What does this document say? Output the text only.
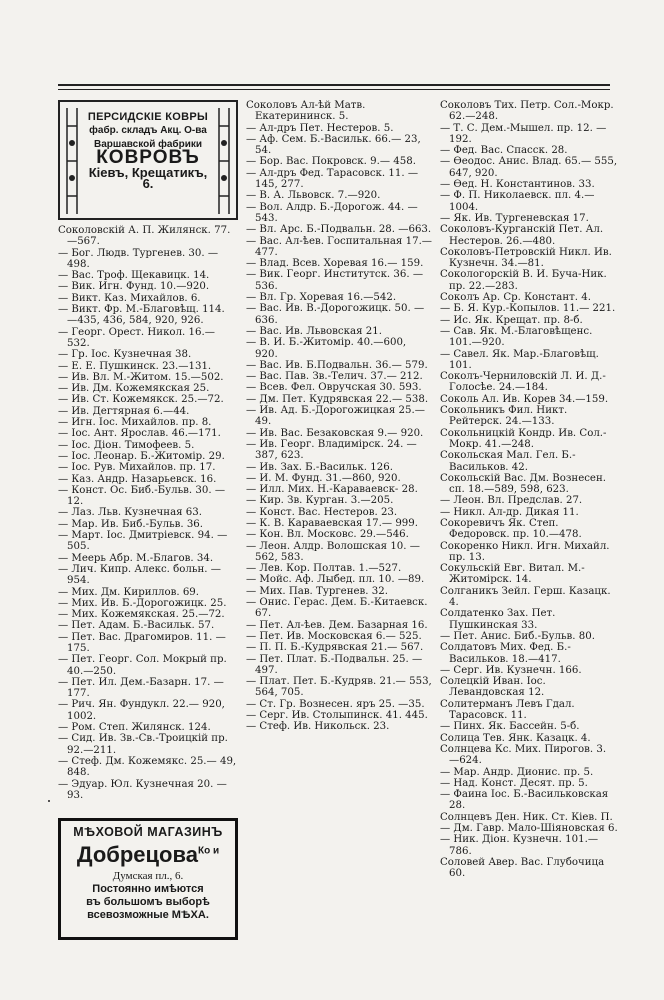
ПЕРСИДСКIЕ КОВРЫ
фабр. складъ Акц. О-ва
Варшавской фабрики
КОВРОВЪ
Кiевъ, Крещатикъ, 6.
Соколовскiй А. П. Жилянск. 77. —567.
— Бог. Людв. Тургенев. 30. —498.
— Вас. Троф. Щекавицк. 14.
— Вик. Игн. Фунд. 10.—920.
— Викт. Каз. Михайлов. 6.
— Викт. Фр. М.-Благовѣщ. 114. —435, 436, 584, 920, 926.
— Георг. Орест. Никол. 16.— 532.
— Гр. Iос. Кузнечная 38.
— Е. Е. Пушкинск. 23.—131.
— Ив. Вл. М.-Житом. 15.—502.
— Ив. Дм. Кожемякская 25.
— Ив. Ст. Кожемякск. 25.—72.
— Ив. Дегтярная 6.—44.
— Игн. Iос. Михайлов. пр. 8.
— Iос. Ант. Ярослав. 46.—171.
— Iос. Дiон. Тимофеев. 5.
— Iос. Леонар. Б.-Житомiр. 29.
— Iос. Рув. Михайлов. пр. 17.
— Каз. Андр. Назарьевск. 16.
— Конст. Ос. Биб.-Бульв. 30. —12.
— Лаз. Льв. Кузнечная 63.
— Мар. Ив. Биб.-Бульв. 36.
— Март. Iос. Дмитрiевск. 94. —505.
— Меерь Абр. М.-Благов. 34.
— Лич. Кипр. Алекс. больн. —954.
— Мих. Дм. Кириллов. 69.
— Мих. Ив. Б.-Дорогожицк. 25.
— Мих. Кожемякская. 25.—72.
— Пет. Адам. Б.-Васильк. 57.
— Пет. Вас. Драгомиров. 11. —175.
— Пет. Георг. Сол. Мокрый пр. 40.—250.
— Пет. Ил. Дем.-Базарн. 17. —177.
— Рич. Ян. Фундукл. 22.— 920, 1002.
— Ром. Степ. Жилянск. 124.
— Сид. Ив. Зв.-Св.-Троицкiй пр. 92.—211.
— Стеф. Дм. Кожемякс. 25.— 49, 848.
— Эдуар. Юл. Кузнечная 20. —93.
Соколовъ Ал-ѣй Матв. Екатерининск. 5.
— Ал-дръ Пет. Нестеров. 5.
— Аф. Сем. Б.-Васильк. 66.— 23, 54.
— Бор. Вас. Покровск. 9.— 458.
— Ал-дръ Фед. Тарасовск. 11. —145, 277.
— В. А. Львовск. 7.—920.
— Вол. Алдр. Б.-Дорогож. 44. —543.
— Вл. Арс. Б.-Подвальн. 28. —663.
— Вас. Ал-ѣев. Госпитальная 17.—477.
— Влад. Всев. Хоревая 16.— 159.
— Вик. Георг. Институтск. 36. —536.
— Вл. Гр. Хоревая 16.—542.
— Вас. Ив. В.-Дорогожицк. 50. —636.
— Вас. Ив. Львовская 21.
— В. И. Б.-Житомiр. 40.—600, 920.
— Вас. Ив. Б.Подвальн. 36.— 579.
— Вас. Пав. Зв.-Телич. 37.— 212.
— Всев. Фел. Овручская 30. 593.
— Дм. Пет. Кудрявская 22.— 538.
— Ив. Ад. Б.-Дорогожицкая 25.—49.
— Ив. Вас. Безаковская 9.— 920.
— Ив. Георг. Владимiрск. 24. —387, 623.
— Ив. Зах. Б.-Васильк. 126.
— И. М. Фунд. 31.—860, 920.
— Илл. Мих. Н.-Караваевск- 28.
— Кир. Зв. Курган. 3.—205.
— Конст. Вас. Нестеров. 23.
— К. В. Караваевская 17.— 999.
— Кон. Вл. Московс. 29.—546.
— Леон. Алдр. Волошская 10. —562, 583.
— Лев. Кор. Полтав. 1.—527.
— Мойс. Аф. Лыбед. пл. 10. —89.
— Мих. Пав. Тургенев. 32.
— Онис. Герас. Дем. Б.-Китаевск. 67.
— Пет. Ал-ѣев. Дем. Базарная 16.
— Пет. Ив. Московская 6.— 525.
— П. П. Б.-Кудрявская 21.— 567.
— Пет. Плат. Б.-Подвальн. 25. —497.
— Плат. Пет. Б.-Кудряв. 21.— 553, 564, 705.
— Ст. Гр. Вознесен. яръ 25. —35.
— Серг. Ив. Столыпинск. 41. 445.
— Стеф. Ив. Никольск. 23.
Соколовъ Тих. Петр. Сол.-Мокр. 62.—248.
— Т. С. Дем.-Мышел. пр. 12. —192.
— Фед. Вас. Спасск. 28.
— Ѳеодос. Анис. Влад. 65.— 555, 647, 920.
— Ѳед. Н. Константинов. 33.
— Ф. П. Николаевск. пл. 4.— 1004.
— Як. Ив. Тургеневская 17.
Соколовъ-Курганскiй Пет. Ал. Нестеров. 26.—480.
Соколовъ-Петровскiй Никл. Ив. Кузнечн. 34.—81.
Сокологорскiй В. И. Буча-Ник. пр. 22.—283.
Соколъ Ар. Ср. Констант. 4.
— Б. Я. Кур.-Копылов. 11.— 221.
— Ис. Як. Крещат. пр. 8-б.
— Сав. Як. М.-Благовѣщенс. 101.—920.
— Савел. Як. Мар.-Благовѣщ. 101.
Соколъ-Черниловскiй Л. И. Д.- Голосѣе. 24.—184.
Соколь Ал. Ив. Корев 34.—159.
Сокольникъ Фил. Никт. Рейтерск. 24.—133.
Сокольницкiй Кондр. Ив. Сол.- Мокр. 41.—248.
Сокольская Мал. Гел. Б.-Васильков. 42.
Сокольскiй Вас. Дм. Вознесен. сп. 18.—589, 598, 623.
— Леон. Вл. Предслав. 27.
— Никл. Ал-др. Дикая 11.
Сокоревичъ Як. Степ. Федоровск. пр. 10.—478.
Сокоренко Никл. Игн. Михайл. пр. 13.
Сокульскiй Евг. Витал. М.-Житомiрск. 14.
Солганикъ Зейл. Герш. Казацк. 4.
Солдатенко Зах. Пет. Пушкинская 33.
— Пет. Анис. Биб.-Бульв. 80.
Солдатовъ Мих. Фед. Б.-Васильков. 18.—417.
— Серг. Ив. Кузнечн. 166.
Солецкiй Иван. Iос. Левандовская 12.
Солитерманъ Левъ Гдал. Тарасовск. 11.
— Пинх. Як. Бассейн. 5-б.
Солица Тев. Янк. Казацк. 4.
Солнцева Кс. Мих. Пирогов. 3. —624.
— Мар. Андр. Дионис. пр. 5.
— Над. Конст. Десят. пр. 5.
— Фаина Iос. Б.-Васильковская 28.
Солнцевъ Ден. Ник. Ст. Кiев. П.
— Дм. Гавр. Мало-Шiяновская 6.
— Ник. Дiон. Кузнечн. 101.— 786.
Соловей Авер. Вас. Глубочица 60.
МѢХОВОЙ МАГАЗИНЪ
Добрецова$^{Ко и}$
Думская пл., 6.
Постоянно имѣются
въ большомъ выборѣ
всевозможные МѢХА.
